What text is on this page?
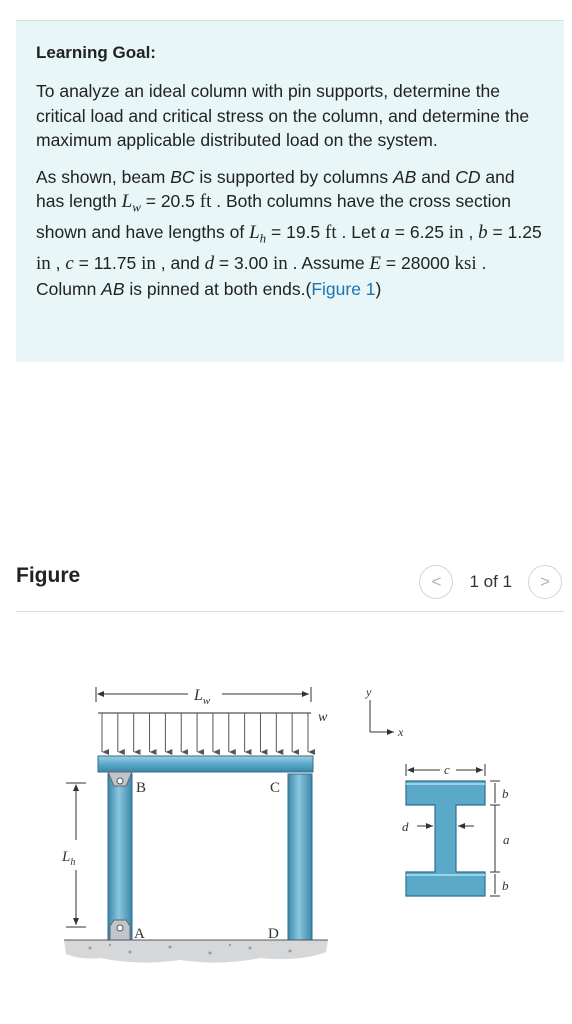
Learning Goal:

To analyze an ideal column with pin supports, determine the critical load and critical stress on the column, and determine the maximum applicable distributed load on the system.

As shown, beam BC is supported by columns AB and CD and has length $L_w = 20.5$ ft . Both columns have the cross section shown and have lengths of $L_h = 19.5$ ft . Let a = 6.25 in , b = 1.25 in , c = 11.75 in , and d = 3.00 in . Assume E = 28000 ksi . Column AB is pinned at both ends.(Figure 1)

Figure	< 1 of 1 >
$L_w$
w
$L_h$
B	C
A	D
y
x
c
b
a
b
d
